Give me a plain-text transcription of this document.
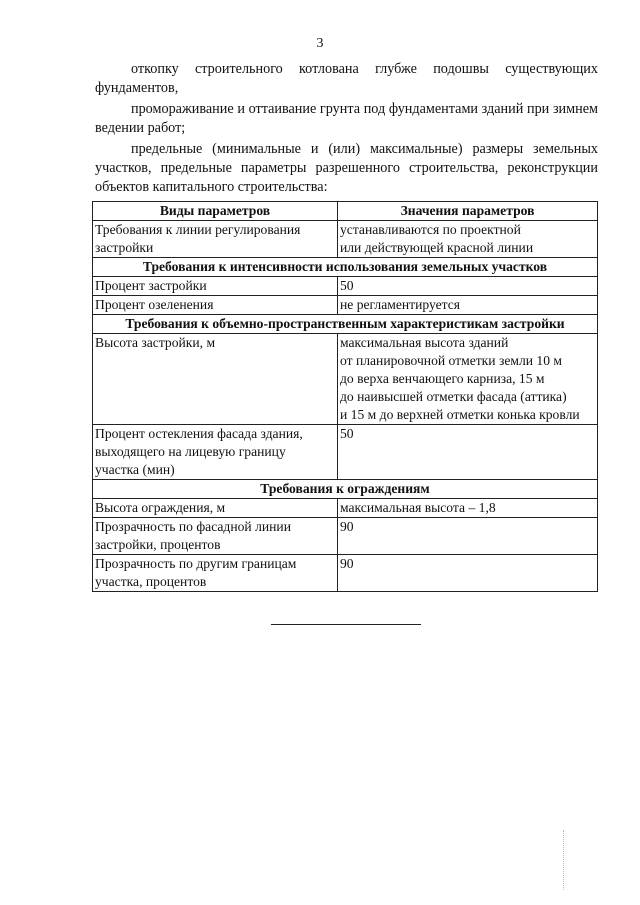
3

откопку строительного котлована глубже подошвы существующих фундаментов,

промораживание и оттаивание грунта под фундаментами зданий при зимнем ведении работ;

предельные (минимальные и (или) максимальные) размеры земельных участков, предельные параметры разрешенного строительства, реконструкции объектов капитального строительства:

Виды параметров	Значения параметров

Требования к линии регулирования
застройки	устанавливаются по проектной
или действующей красной линии

Требования к интенсивности использования земельных участков	

Процент застройки	50

Процент озеленения	не регламентируется

Требования к объемно-пространственным характеристикам застройки	

Высота застройки, м	максимальная высота зданий
от планировочной отметки земли 10 м
до верха венчающего карниза, 15 м
до наивысшей отметки фасада (аттика)
и 15 м до верхней отметки конька кровли

Процент остекления фасада здания,
выходящего на лицевую границу
участка (мин)	50

Требования к ограждениям	

Высота ограждения, м	максимальная высота – 1,8

Прозрачность по фасадной линии
застройки, процентов	90

Прозрачность по другим границам
участка, процентов	90
